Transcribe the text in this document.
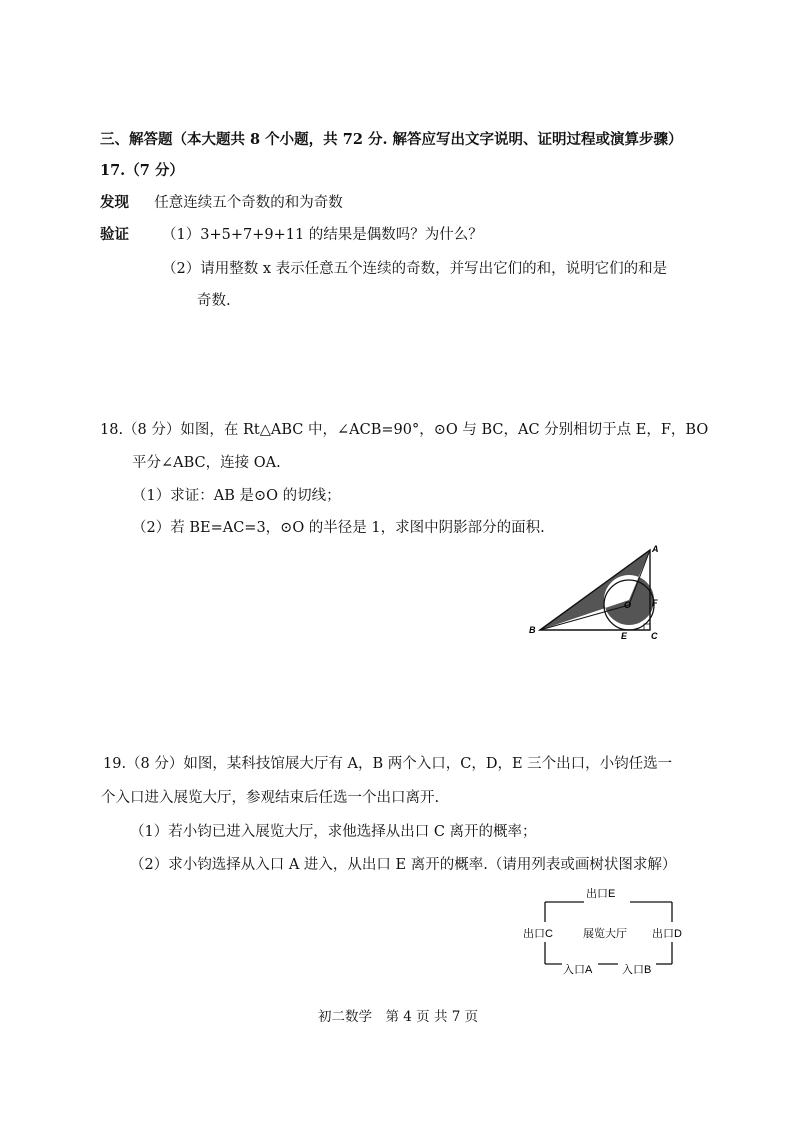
三、解答题（本大题共 8 个小题，共 72 分. 解答应写出文字说明、证明过程或演算步骤）
17.（7 分）
发现 任意连续五个奇数的和为奇数
验证 （1）3+5+7+9+11 的结果是偶数吗？为什么？
（2）请用整数 x 表示任意五个连续的奇数，并写出它们的和，说明它们的和是
奇数.
18.（8 分）如图，在 Rt△ABC 中，∠ACB=90°，⊙O 与 BC，AC 分别相切于点 E，F，BO
平分∠ABC，连接 OA.
（1）求证：AB 是⊙O 的切线；
（2）若 BE=AC=3，⊙O 的半径是 1，求图中阴影部分的面积.
A
B
C
E
F
O
19.（8 分）如图，某科技馆展大厅有 A，B 两个入口，C，D，E 三个出口，小钧任选一
个入口进入展览大厅，参观结束后任选一个出口离开.
（1）若小钧已进入展览大厅，求他选择从出口 C 离开的概率；
（2）求小钧选择从入口 A 进入，从出口 E 离开的概率.（请用列表或画树状图求解）
出口E
出口C	出口D
展览大厅
入口A	入口B
初二数学　第 4 页 共 7 页
